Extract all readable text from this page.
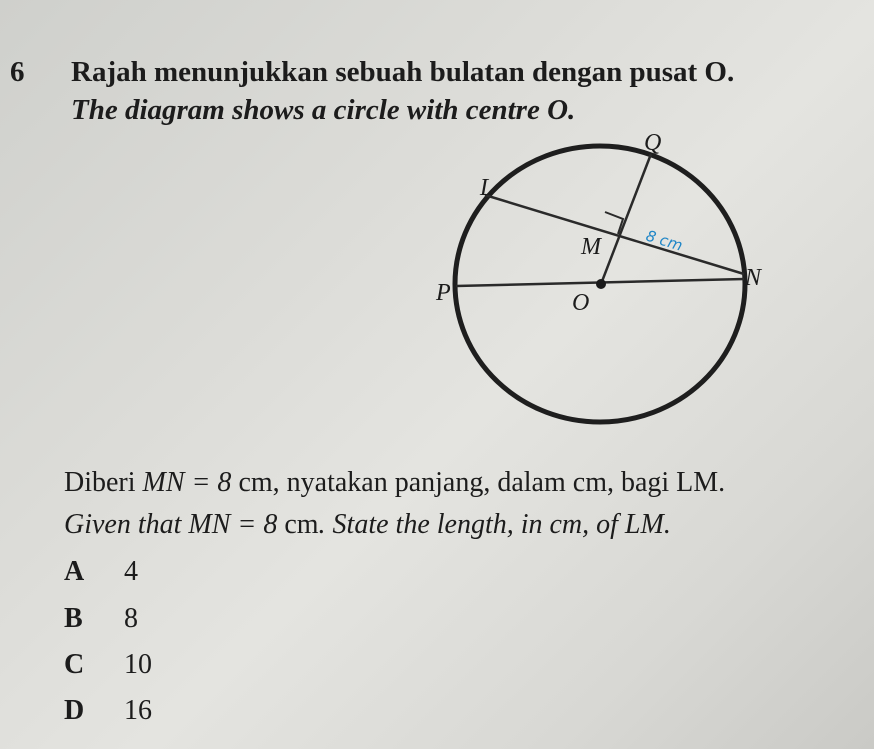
6 Rajah menunjukkan sebuah bulatan dengan pusat O.
The diagram shows a circle with centre O.
Q
L
M
N
P	O
8 cm
Diberi MN = 8 cm, nyatakan panjang, dalam cm, bagi LM.
Given that MN = 8 cm. State the length, in cm, of LM.
A 4
B 8
C 10
D 16
